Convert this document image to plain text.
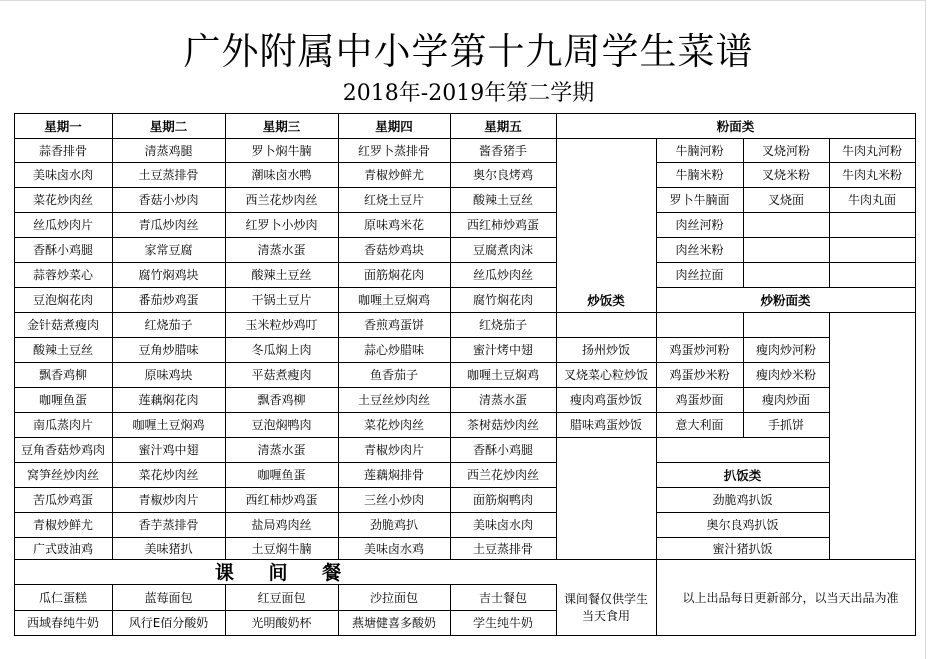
广外附属中小学第十九周学生菜谱
2018年-2019年第二学期
星期一	星期二	星期三	星期四	星期五
蒜香排骨	清蒸鸡腿	罗卜焖牛腩	红罗卜蒸排骨	酱香猪手
美味卤水肉	土豆蒸排骨	潮味卤水鸭	青椒炒鲜尤	奥尔良烤鸡
菜花炒肉丝	香菇小炒肉	西兰花炒肉丝	红烧土豆片	酸辣土豆丝
丝瓜炒肉片	青瓜炒肉丝	红罗卜小炒肉	原味鸡米花	西红柿炒鸡蛋
香酥小鸡腿	家常豆腐	清蒸水蛋	香菇炒鸡块	豆腐煮肉沫
蒜蓉炒菜心	腐竹焖鸡块	酸辣土豆丝	面筋焖花肉	丝瓜炒肉丝
豆泡焖花肉	番茄炒鸡蛋	干锅土豆片	咖喱土豆焖鸡	腐竹焖花肉
金针菇煮瘦肉	红烧茄子	玉米粒炒鸡叮	香煎鸡蛋饼	红烧茄子
酸辣土豆丝	豆角炒腊味	冬瓜焖上肉	蒜心炒腊味	蜜汁烤中翅
飘香鸡柳	原味鸡块	平菇煮瘦肉	鱼香茄子	咖喱土豆焖鸡
咖喱鱼蛋	莲藕焖花肉	飘香鸡柳	土豆丝炒肉丝	清蒸水蛋
南瓜蒸肉片	咖喱土豆焖鸡	豆泡焖鸭肉	菜花炒肉丝	茶树菇炒肉丝
豆角香菇炒鸡肉	蜜汁鸡中翅	清蒸水蛋	青椒炒肉片	香酥小鸡腿
窝笋丝炒肉丝	菜花炒肉丝	咖喱鱼蛋	莲藕焖排骨	西兰花炒肉丝
苦瓜炒鸡蛋	青椒炒肉片	西红柿炒鸡蛋	三丝小炒肉	面筋焖鸭肉
青椒炒鲜尤	香芋蒸排骨	盐局鸡肉丝	劲脆鸡扒	美味卤水肉
广式豉油鸡	美味猪扒	土豆焖牛腩	美味卤水鸡	土豆蒸排骨
粉面类
牛腩河粉	叉烧河粉	牛肉丸河粉
牛腩米粉	叉烧米粉	牛肉丸米粉
罗卜牛腩面	叉烧面	牛肉丸面
肉丝河粉
肉丝米粉
肉丝拉面
炒饭类	炒粉面类
扬州炒饭	鸡蛋炒河粉	瘦肉炒河粉
叉烧菜心粒炒饭	鸡蛋炒米粉	瘦肉炒米粉
瘦肉鸡蛋炒饭	鸡蛋炒面	瘦肉炒面
腊味鸡蛋炒饭	意大利面	手抓饼
扒饭类
劲脆鸡扒饭
奥尔良鸡扒饭
蜜汁猪扒饭
课 间 餐
瓜仁蛋糕	蓝莓面包	红豆面包	沙拉面包	吉士餐包
西域春纯牛奶	风行E佰分酸奶	光明酸奶杯	燕塘健喜多酸奶	学生纯牛奶
课间餐仅供学生当天食用
以上出品每日更新部分，以当天出品为准
